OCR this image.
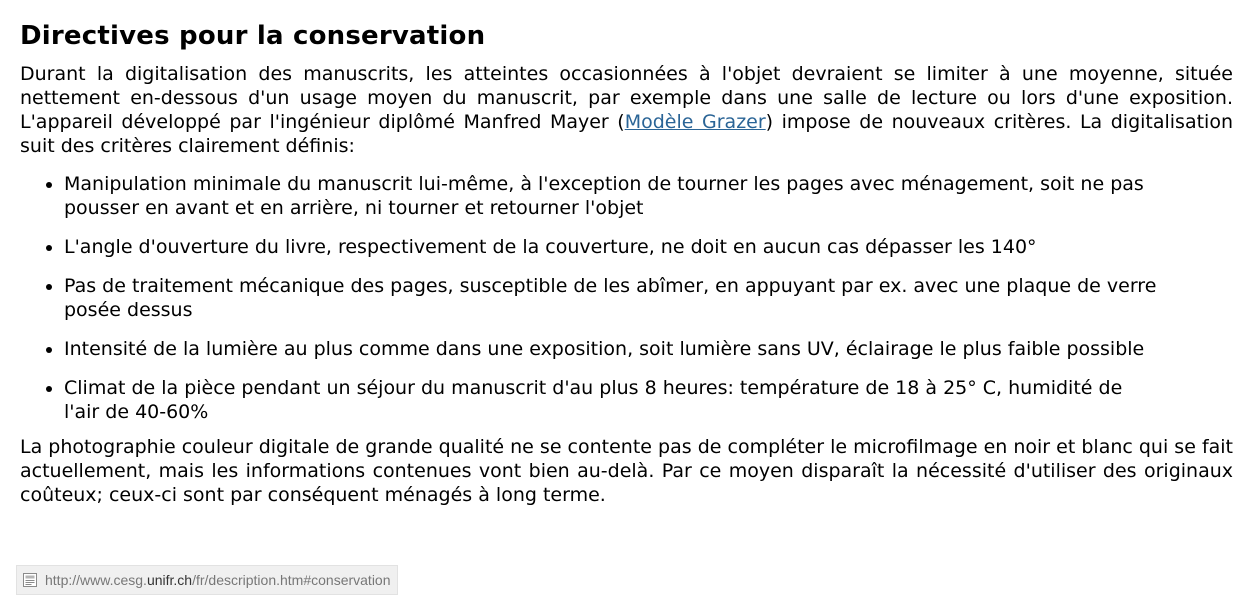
Directives pour la conservation

Durant la digitalisation des manuscrits, les atteintes occasionnées à l'objet devraient se limiter à une moyenne, située nettement en-dessous d'un usage moyen du manuscrit, par exemple dans une salle de lecture ou lors d'une exposition. L'appareil développé par l'ingénieur diplômé Manfred Mayer (Modèle Grazer) impose de nouveaux critères. La digitalisation suit des critères clairement définis:

• Manipulation minimale du manuscrit lui-même, à l'exception de tourner les pages avec ménagement, soit ne pas pousser en avant et en arrière, ni tourner et retourner l'objet
• L'angle d'ouverture du livre, respectivement de la couverture, ne doit en aucun cas dépasser les 140°
• Pas de traitement mécanique des pages, susceptible de les abîmer, en appuyant par ex. avec une plaque de verre posée dessus
• Intensité de la lumière au plus comme dans une exposition, soit lumière sans UV, éclairage le plus faible possible
• Climat de la pièce pendant un séjour du manuscrit d'au plus 8 heures: température de 18 à 25° C, humidité de l'air de 40-60%

La photographie couleur digitale de grande qualité ne se contente pas de compléter le microfilmage en noir et blanc qui se fait actuellement, mais les informations contenues vont bien au-delà. Par ce moyen disparaît la nécessité d'utiliser des originaux coûteux; ceux-ci sont par conséquent ménagés à long terme.

http://www.cesg.unifr.ch/fr/description.htm#conservation
